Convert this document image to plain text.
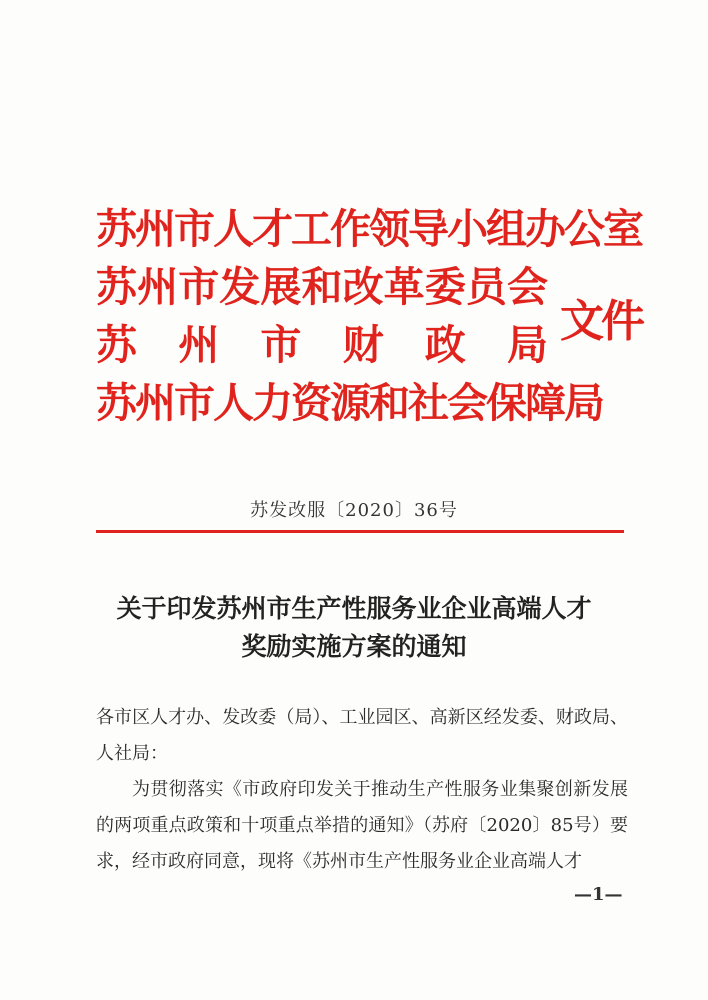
苏 州 市 人 才 工 作 领 导 小 组 办 公 室
苏 州 市 发 展 和 改 革 委 员 会
苏 州 市 财 政 局
苏 州 市 人 力 资 源 和 社 会 保 障 局
文件
苏发改服〔2020〕36号
关于印发苏州市生产性服务业企业高端人才
奖励实施方案的通知

各市区人才办、发改委（局）、工业园区、高新区经发委、财政局、人社局：

为贯彻落实《市政府印发关于推动生产性服务业集聚创新发展的两项重点政策和十项重点举措的通知》（苏府〔2020〕85号）要求，经市政府同意，现将《苏州市生产性服务业企业高端人才

—1—
